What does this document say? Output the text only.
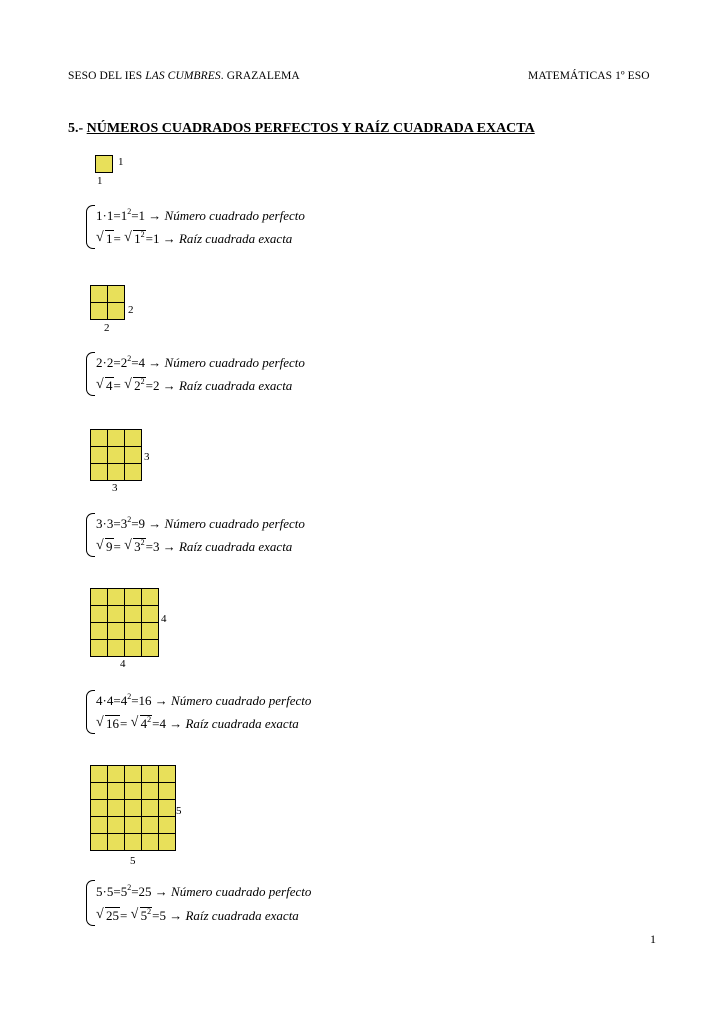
SESO DEL IES LAS CUMBRES. GRAZALEMA	MATEMÁTICAS 1º ESO
5.- NÚMEROS CUADRADOS PERFECTOS Y RAÍZ CUADRADA EXACTA
1
1
$1\cdot 1=1^2=1$ → Número cuadrado perfecto
√ 1= √ $1^2=1$ → Raíz cuadrada exacta
2
2
$2\cdot 2=2^2=4$ → Número cuadrado perfecto
√ 4= √ $2^2=2$ → Raíz cuadrada exacta
3
3
$3\cdot 3=3^2=9$ → Número cuadrado perfecto
√ 9= √ $3^2=3$ → Raíz cuadrada exacta
4
4
$4\cdot 4=4^2=16$ → Número cuadrado perfecto
√ 16= √ $4^2=4$ → Raíz cuadrada exacta
5
5
$5\cdot 5=5^2=25$ → Número cuadrado perfecto
√ 25= √ $5^2=5$ → Raíz cuadrada exacta
1
